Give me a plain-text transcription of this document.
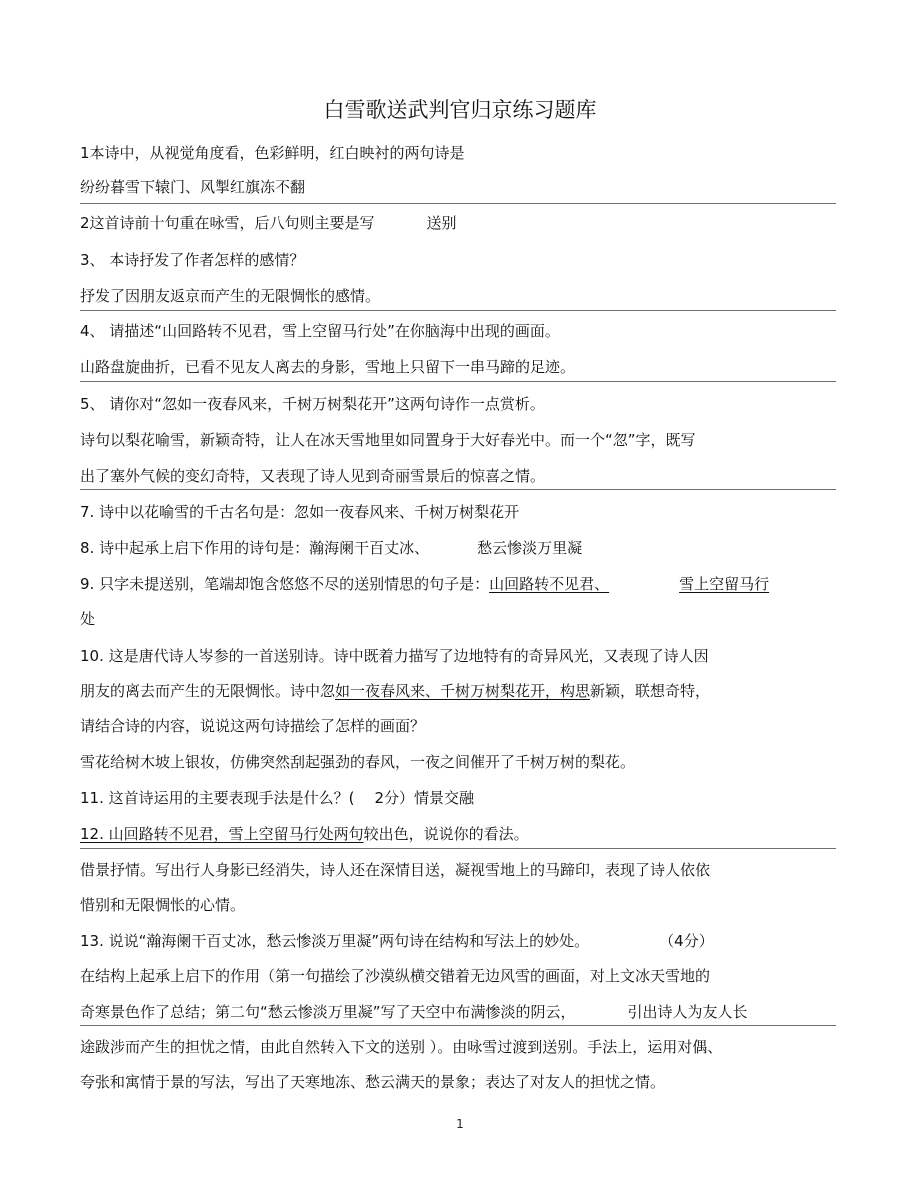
白雪歌送武判官归京练习题库
1本诗中，从视觉角度看，色彩鲜明，红白映衬的两句诗是
纷纷暮雪下辕门、风掣红旗冻不翻
2这首诗前十句重在咏雪，后八句则主要是写	送别
3、 本诗抒发了作者怎样的感情？
抒发了因朋友返京而产生的无限惆怅的感情。
4、 请描述“山回路转不见君，雪上空留马行处”在你脑海中出现的画面。
山路盘旋曲折，已看不见友人离去的身影，雪地上只留下一串马蹄的足迹。
5、 请你对“忽如一夜春风来，千树万树梨花开”这两句诗作一点赏析。
诗句以梨花喻雪，新颖奇特，让人在冰天雪地里如同置身于大好春光中。而一个“忽”字，既写
出了塞外气候的变幻奇特，又表现了诗人见到奇丽雪景后的惊喜之情。
7. 诗中以花喻雪的千古名句是：忽如一夜春风来、千树万树梨花开
8. 诗中起承上启下作用的诗句是：瀚海阑干百丈冰、	愁云惨淡万里凝
9. 只字未提送别，笔端却饱含悠悠不尽的送别情思的句子是：山回路转不见君、	雪上空留马行
处
10. 这是唐代诗人岑参的一首送别诗。诗中既着力描写了边地特有的奇异风光，又表现了诗人因
朋友的离去而产生的无限惆怅。诗中忽如一夜春风来、千树万树梨花开，构思新颖，联想奇特，
请结合诗的内容，说说这两句诗描绘了怎样的画面？
雪花给树木坡上银妆，仿佛突然刮起强劲的春风，一夜之间催开了千树万树的梨花。
11. 这首诗运用的主要表现手法是什么？( 2分）情景交融
12. 山回路转不见君，雪上空留马行处两句较出色，说说你的看法。
借景抒情。写出行人身影已经消失，诗人还在深情目送，凝视雪地上的马蹄印，表现了诗人依依
惜别和无限惆怅的心情。
13. 说说“瀚海阑干百丈冰，愁云惨淡万里凝”两句诗在结构和写法上的妙处。	（4分）
在结构上起承上启下的作用（第一句描绘了沙漠纵横交错着无边风雪的画面，对上文冰天雪地的
奇寒景色作了总结；第二句“愁云惨淡万里凝”写了天空中布满惨淡的阴云，	引出诗人为友人长
途跋涉而产生的担忧之情，由此自然转入下文的送别 ）。由咏雪过渡到送别。手法上，运用对偶、
夸张和寓情于景的写法，写出了天寒地冻、愁云满天的景象；表达了对友人的担忧之情。
1
